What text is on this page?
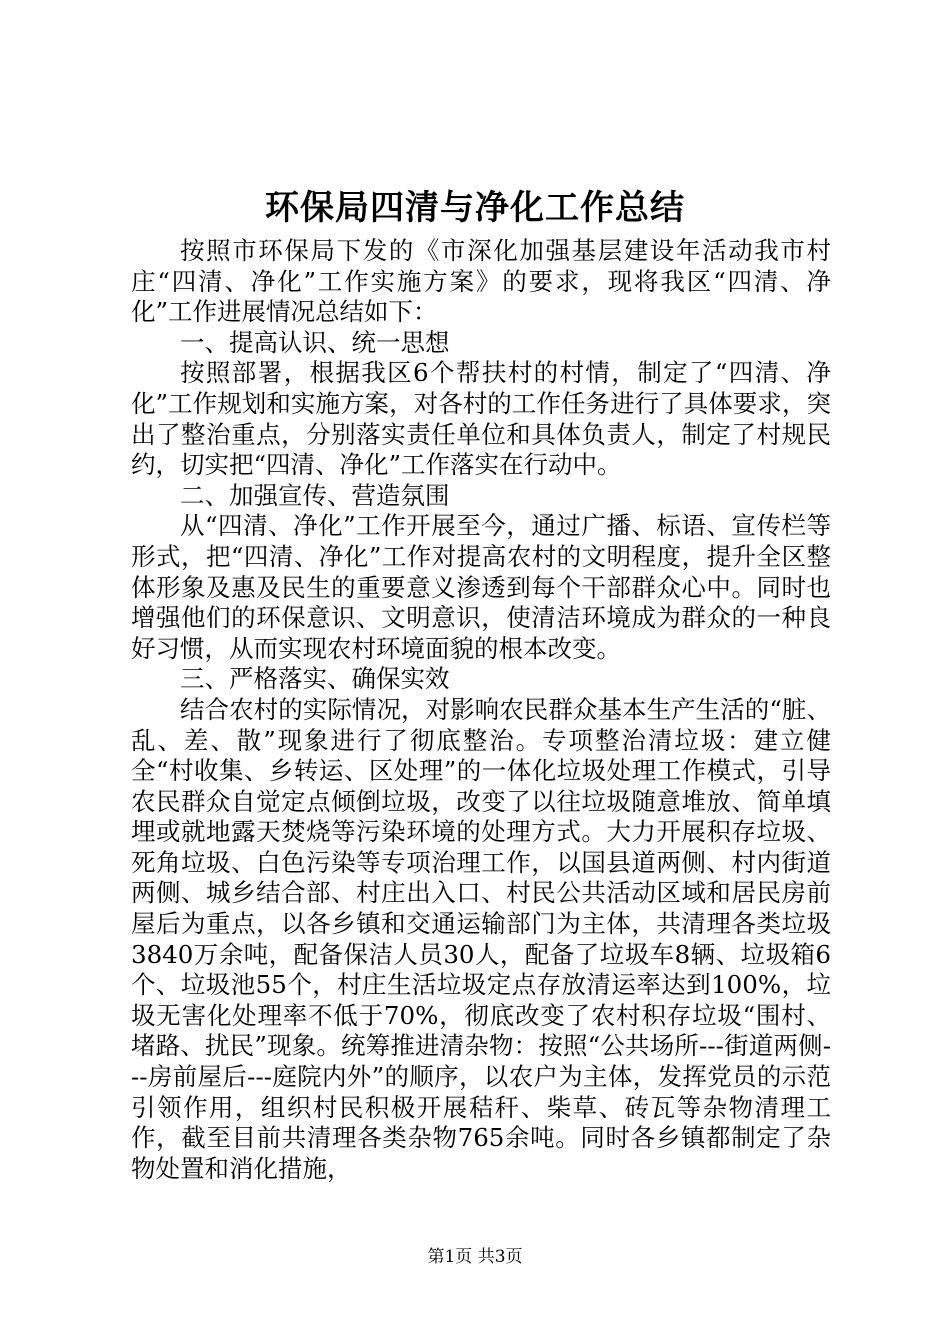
环保局四清与净化工作总结

按照市环保局下发的《市深化加强基层建设年活动我市村庄“四清、净化”工作实施方案》的要求，现将我区“四清、净化”工作进展情况总结如下：

一、提高认识、统一思想

按照部署，根据我区6个帮扶村的村情，制定了“四清、净化”工作规划和实施方案，对各村的工作任务进行了具体要求，突出了整治重点，分别落实责任单位和具体负责人，制定了村规民约，切实把“四清、净化”工作落实在行动中。

二、加强宣传、营造氛围

从“四清、净化”工作开展至今，通过广播、标语、宣传栏等形式，把“四清、净化”工作对提高农村的文明程度，提升全区整体形象及惠及民生的重要意义渗透到每个干部群众心中。同时也增强他们的环保意识、文明意识，使清洁环境成为群众的一种良好习惯，从而实现农村环境面貌的根本改变。

三、严格落实、确保实效

结合农村的实际情况，对影响农民群众基本生产生活的“脏、乱、差、散”现象进行了彻底整治。专项整治清垃圾：建立健全“村收集、乡转运、区处理”的一体化垃圾处理工作模式，引导农民群众自觉定点倾倒垃圾，改变了以往垃圾随意堆放、简单填埋或就地露天焚烧等污染环境的处理方式。大力开展积存垃圾、死角垃圾、白色污染等专项治理工作，以国县道两侧、村内街道两侧、城乡结合部、村庄出入口、村民公共活动区域和居民房前屋后为重点，以各乡镇和交通运输部门为主体，共清理各类垃圾3840万余吨，配备保洁人员30人，配备了垃圾车8辆、垃圾箱6个、垃圾池55个，村庄生活垃圾定点存放清运率达到100%，垃圾无害化处理率不低于70%，彻底改变了农村积存垃圾“围村、堵路、扰民”现象。统筹推进清杂物：按照“公共场所---街道两侧---房前屋后---庭院内外”的顺序，以农户为主体，发挥党员的示范引领作用，组织村民积极开展秸秆、柴草、砖瓦等杂物清理工作，截至目前共清理各类杂物765余吨。同时各乡镇都制定了杂物处置和消化措施，

第1页 共3页
